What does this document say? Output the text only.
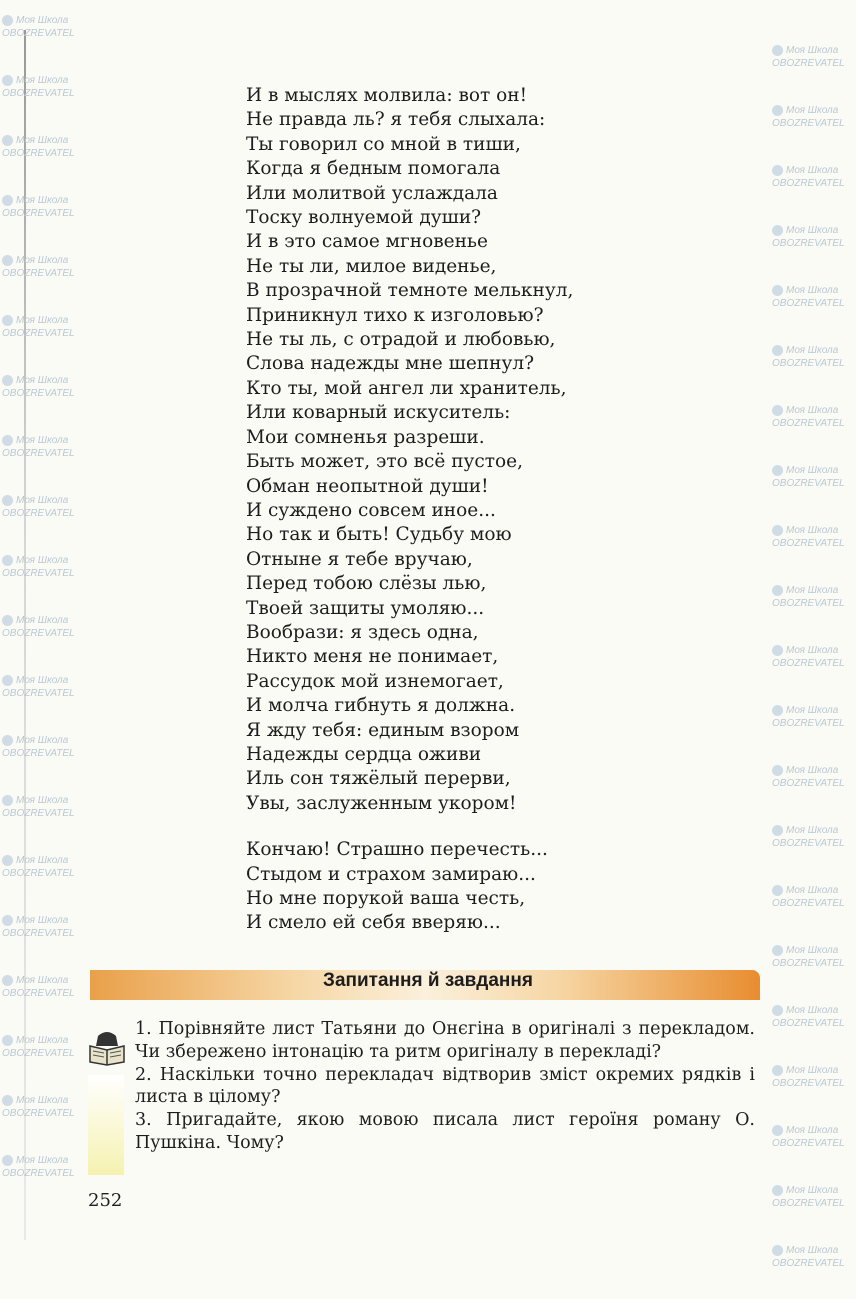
Моя Школа
OBOZREVATEL
Моя Школа
OBOZREVATEL
Моя Школа
OBOZREVATEL
Моя Школа
OBOZREVATEL
Моя Школа
OBOZREVATEL
Моя Школа
OBOZREVATEL
Моя Школа
OBOZREVATEL
Моя Школа
OBOZREVATEL
Моя Школа
OBOZREVATEL
Моя Школа
OBOZREVATEL
Моя Школа
OBOZREVATEL
Моя Школа
OBOZREVATEL
Моя Школа
OBOZREVATEL
Моя Школа
OBOZREVATEL
Моя Школа
OBOZREVATEL
Моя Школа
OBOZREVATEL
Моя Школа
OBOZREVATEL
Моя Школа
OBOZREVATEL
Моя Школа
OBOZREVATEL
Моя Школа
OBOZREVATEL
Моя Школа
OBOZREVATEL
Моя Школа
OBOZREVATEL
Моя Школа
OBOZREVATEL
Моя Школа
OBOZREVATEL
Моя Школа
OBOZREVATEL
Моя Школа
OBOZREVATEL
Моя Школа
OBOZREVATEL
Моя Школа
OBOZREVATEL
Моя Школа
OBOZREVATEL
Моя Школа
OBOZREVATEL
Моя Школа
OBOZREVATEL
Моя Школа
OBOZREVATEL
Моя Школа
OBOZREVATEL
Моя Школа
OBOZREVATEL
Моя Школа
OBOZREVATEL
Моя Школа
OBOZREVATEL
Моя Школа
OBOZREVATEL
Моя Школа
OBOZREVATEL
Моя Школа
OBOZREVATEL
Моя Школа
OBOZREVATEL
Моя Школа
OBOZREVATEL
И в мыслях молвила: вот он!
Не правда ль? я тебя слыхала:
Ты говорил со мной в тиши,
Когда я бедным помогала
Или молитвой услаждала
Тоску волнуемой души?
И в это самое мгновенье
Не ты ли, милое виденье,
В прозрачной темноте мелькнул,
Приникнул тихо к изголовью?
Не ты ль, с отрадой и любовью,
Слова надежды мне шепнул?
Кто ты, мой ангел ли хранитель,
Или коварный искуситель:
Мои сомненья разреши.
Быть может, это всё пустое,
Обман неопытной души!
И суждено совсем иное...
Но так и быть! Судьбу мою
Отныне я тебе вручаю,
Перед тобою слёзы лью,
Твоей защиты умоляю...
Вообрази: я здесь одна,
Никто меня не понимает,
Рассудок мой изнемогает,
И молча гибнуть я должна.
Я жду тебя: единым взором
Надежды сердца оживи
Иль сон тяжёлый перерви,
Увы, заслуженным укором!
Кончаю! Страшно перечесть...
Стыдом и страхом замираю...
Но мне порукой ваша честь,
И смело ей себя вверяю...
Запитання й завдання

1. Порівняйте лист Татьяни до Онєгіна в оригіналі з перекладом. Чи збережено інтонацію та ритм оригіналу в перекладі?

2. Наскільки точно перекладач відтворив зміст окремих рядків і листа в цілому?

3. Пригадайте, якою мовою писала лист героїня роману О. Пушкіна. Чому?

252
